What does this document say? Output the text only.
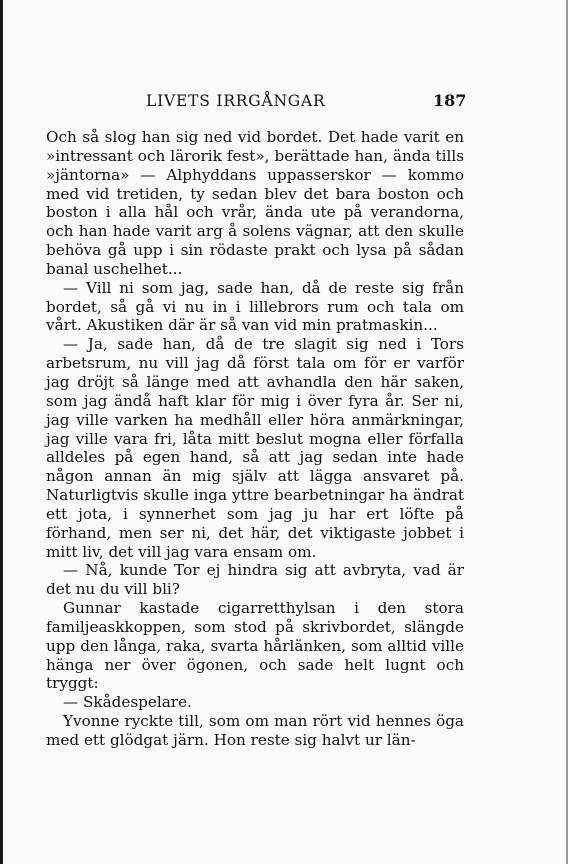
LIVETS IRRGÅNGAR	187

Och så slog han sig ned vid bordet. Det hade varit en »intressant och lärorik fest», berättade han, ända tills »jäntorna» — Alphyddans uppasserskor — kommo med vid tretiden, ty sedan blev det bara boston och boston i alla hål och vrår, ända ute på verandorna, och han hade varit arg å solens vägnar, att den skulle behöva gå upp i sin rödaste prakt och lysa på sådan banal uschelhet...

— Vill ni som jag, sade han, då de reste sig från bordet, så gå vi nu in i lillebrors rum och tala om vårt. Akustiken där är så van vid min pratmaskin...

— Ja, sade han, då de tre slagit sig ned i Tors arbetsrum, nu vill jag då först tala om för er varför jag dröjt så länge med att avhandla den här saken, som jag ändå haft klar för mig i över fyra år. Ser ni, jag ville varken ha medhåll eller höra anmärkningar, jag ville vara fri, låta mitt beslut mogna eller förfalla alldeles på egen hand, så att jag sedan inte hade någon annan än mig själv att lägga ansvaret på. Naturligtvis skulle inga yttre bearbetningar ha ändrat ett jota, i synnerhet som jag ju har ert löfte på förhand, men ser ni, det här, det viktigaste jobbet i mitt liv, det vill jag vara ensam om.

— Nå, kunde Tor ej hindra sig att avbryta, vad är det nu du vill bli?

Gunnar kastade cigarretthylsan i den stora familjeaskkoppen, som stod på skrivbordet, slängde upp den långa, raka, svarta hårlänken, som alltid ville hänga ner över ögonen, och sade helt lugnt och tryggt:

— Skådespelare.

Yvonne ryckte till, som om man rört vid hennes öga med ett glödgat järn. Hon reste sig halvt ur län-
